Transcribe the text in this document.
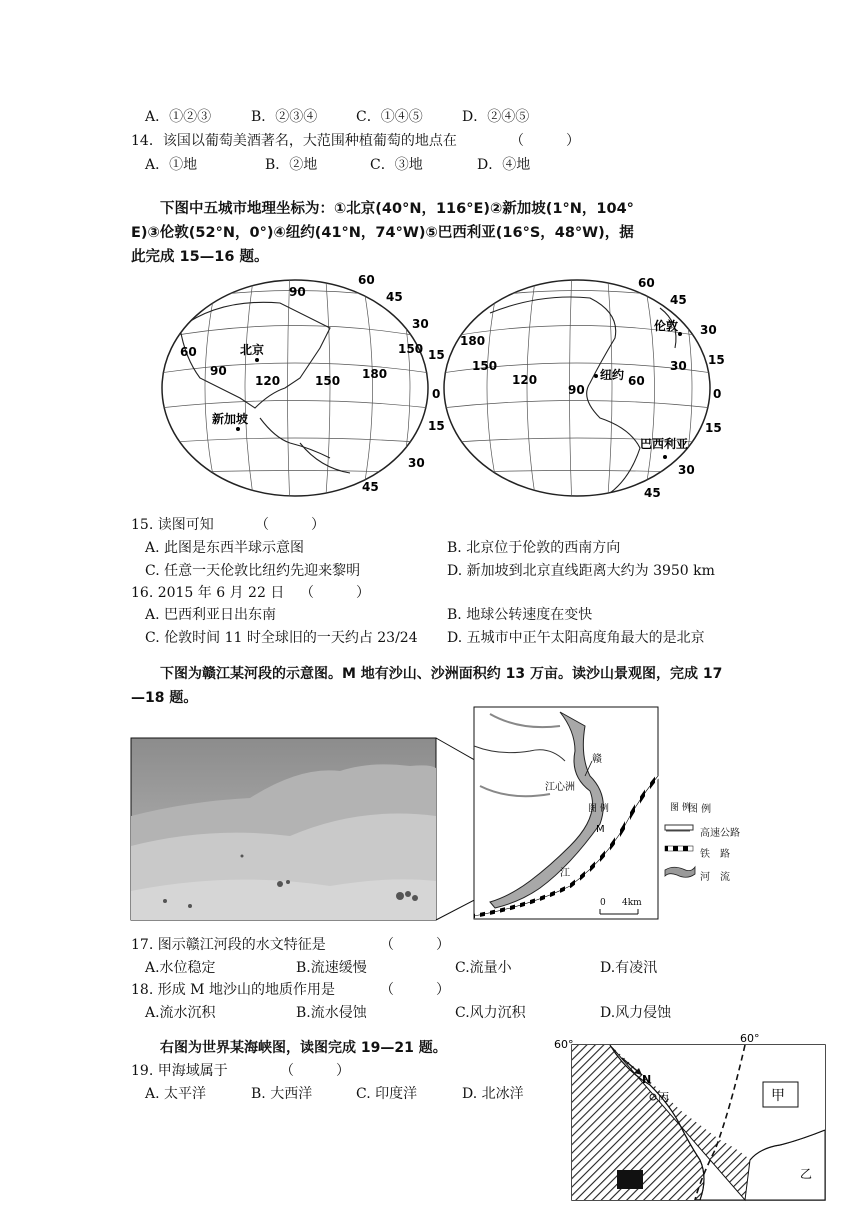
A．①②③	B．②③④	C．①④⑤	D．②④⑤
14．该国以葡萄美酒著名，大范围种植葡萄的地点在	（　　　）
A．①地	B．②地	C．③地	D．④地
下图中五城市地理坐标为：①北京(40°N，116°E)②新加坡(1°N，104°
E)③伦敦(52°N，0°)④纽约(41°N，74°W)⑤巴西利亚(16°S，48°W)，据
此完成 15—16 题。
60
45
90
30
150 15
0
15
30
45
60
90
120	150 180
北京
新加坡
60
45
30
15
0
15
30
45
180
150
120
90
60
30
伦敦
纽约
巴西利亚
15. 读图可知	（　　　）
A. 此图是东西半球示意图	B. 北京位于伦敦的西南方向
C. 任意一天伦敦比纽约先迎来黎明	D. 新加坡到北京直线距离大约为 3950 km
16. 2015 年 6 月 22 日 （　　　）
A. 巴西利亚日出东南	B. 地球公转速度在变快
C. 伦敦时间 11 时全球旧的一天约占 23/24 D. 五城市中正午太阳高度角最大的是北京
下图为赣江某河段的示意图。M 地有沙山、沙洲面积约 13 万亩。读沙山景观图，完成 17
—18 题。
赣
江
江心洲
M
图 例	图 例
图 例
高速公路
铁　路
河　流
0 4km
17. 图示赣江河段的水文特征是	（　　　）
A.水位稳定	B.流速缓慢	C.流量小	D.有凌汛
18. 形成 M 地沙山的地质作用是	（　　　）
A.流水沉积	B.流水侵蚀	C.风力沉积	D.风力侵蚀
右图为世界某海峡图，读图完成 19—21 题。
19. 甲海域属于	（　　　）
A. 太平洋	B. 大西洋	C. 印度洋	D. 北冰洋
60°	60°
N
丙	甲
乙
